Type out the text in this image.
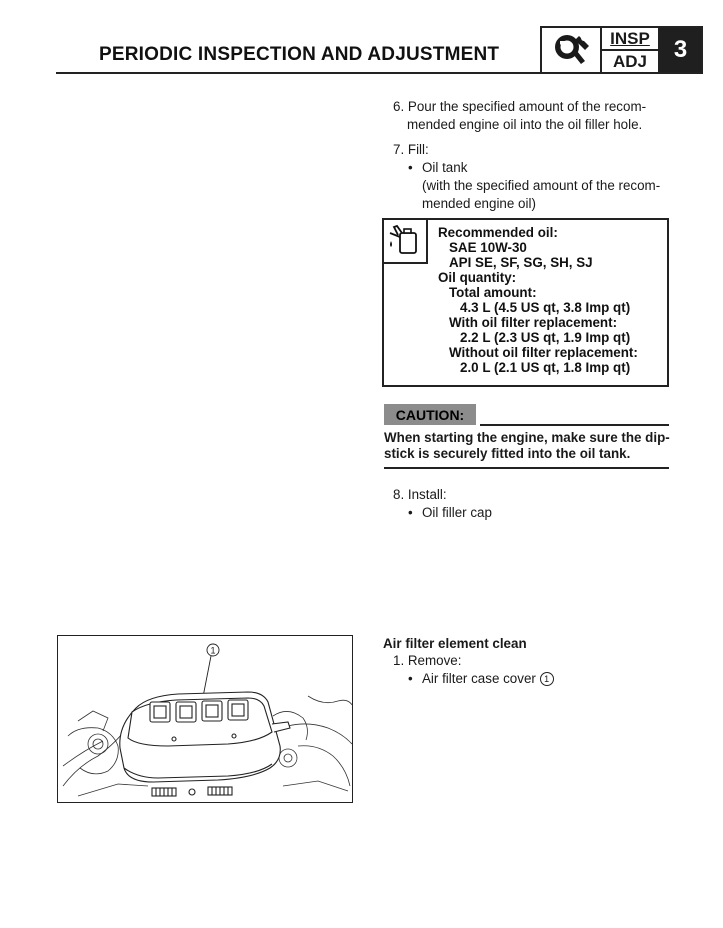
PERIODIC INSPECTION AND ADJUSTMENT
INSP
ADJ	3
6. Pour the specified amount of the recom-
mended engine oil into the oil filler hole.
7. Fill:
• Oil tank
(with the specified amount of the recom-
mended engine oil)
Recommended oil:
SAE 10W-30
API SE, SF, SG, SH, SJ
Oil quantity:
Total amount:
4.3 L (4.5 US qt, 3.8 Imp qt)
With oil filter replacement:
2.2 L (2.3 US qt, 1.9 Imp qt)
Without oil filter replacement:
2.0 L (2.1 US qt, 1.8 Imp qt)
CAUTION:
When starting the engine, make sure the dip-
stick is securely fitted into the oil tank.
8. Install:
• Oil filler cap
Air filter element clean
1. Remove:
• Air filter case cover 1
1
